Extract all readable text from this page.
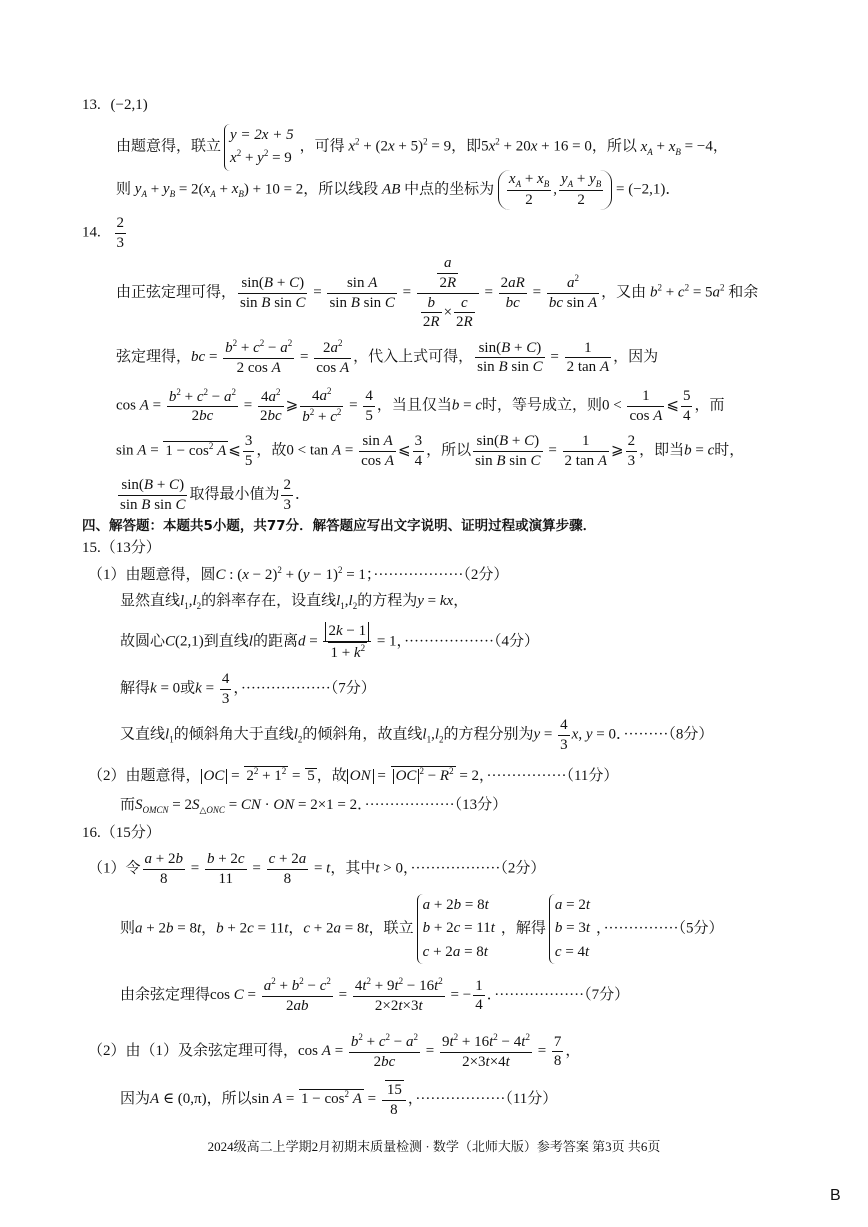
13. (−2,1)
由题意得，联立
y = 2x + 5
$x^2 + y^2 = 9$
，可得 $x^2 + (2x + 5)^2 = 9$，即$5x^2 + 20x + 16 = 0$，所以 $x_A + x_B = -4$，
则 $y_A + y_B = 2(x_A + x_B) + 10 = 2$，所以线段 AB 中点的坐标为 $\frac{x_A + x_B}{2}$ , $\frac{y_A + y_B}{2} = (-2,1)$．
14. $\frac{2}{3}$
由正弦定理可得， $\frac{\sin(B + C)}{\text{sin B sin C}} = \frac{\text{sin A}}{\text{sin B sin C}} = \frac{\frac{a}{2R}}{\frac{b}{2R} \times \frac{c}{2R}} = \frac{2aR}{bc} = \frac{a^2}{\text{bc sin A}}$ ，又由 $b^2 + c^2 = 5a^2$ 和余
弦定理得，bc = $\frac{b^2 + c^2 - a^2}{\text{2 cos A}} = \frac{2a^2}{\text{cos A}}$ ，代入上式可得， $\frac{\sin(B + C)}{\text{sin B sin C}} = \frac{1}{\text{2 tan A}}$ ，因为
$\cos A = \frac{b^2 + c^2 - a^2}{2bc} = \frac{4a^2}{2bc}$ ⩾ $\frac{4a^2}{b^2 + c^2} = \frac{4}{5}$ ，当且仅当b = c时，等号成立，则$0 < \frac{1}{\text{cos A}}$ ⩽ $\frac{5}{4}$ ，而
$\sin A = 1 - \cos^2 A$ ⩽ $\frac{3}{5}$ ，故$0 < \tan A = \frac{\text{sin A}}{\text{cos A}}$ ⩽ $\frac{3}{4}$ ，所以 $\frac{\sin(B + C)}{\text{sin B sin C}} = \frac{1}{\text{2 tan A}}$ ⩾ $\frac{2}{3}$ ，即当b = c时，
$\frac{\sin(B + C)}{\text{sin B sin C}}$ 取得最小值为 $\frac{2}{3}$ ．
四、解答题：本题共5小题，共77分．解答题应写出文字说明、证明过程或演算步骤．
15.（13分）
（1）由题意得，圆C : $(x - 2)^2 + (y - 1)^2 = 1$；··················（2分）
显然直线$l_1,l_2$的斜率存在，设直线$l_1,l_2$的方程为y = kx，
故圆心C(2,1)到直线l的距离$d = \frac{2k - 1}{1 + k^2} = 1$，··················（4分）
解得k = 0或$k = \frac{4}{3}$ ，··················（7分）
又直线$l_1$的倾斜角大于直线$l_2$的倾斜角，故直线$l_1,l_2$的方程分别为$y = \frac{4}{3} x$, y = 0．·········（8分）
（2）由题意得， OC = $2^2 + 1^2 = 5$ ，故 ON = OC $^2 - R^2 = 2$，················（11分）
而$S_{OMCN} = 2S_{\triangle ONC}$ = CN · ON = 2×1 = 2．··················（13分）
16.（15分）
（1）令 $\frac{a + 2b}{8} = \frac{b + 2c}{11} = \frac{c + 2a}{8} = t$，其中t > 0，··················（2分）
则a + 2b = 8t，b + 2c = 11t，c + 2a = 8t，联立
a + 2b = 8t
b + 2c = 11t
c + 2a = 8t
，解得
a = 2t
b = 3t
c = 4t
，···············（5分）
由余弦定理得$\cos C = \frac{a^2 + b^2 - c^2}{2ab} = \frac{4t^2 + 9t^2 - 16t^2}{2\times 2t\times 3t}$ = − $\frac{1}{4}$ ．··················（7分）
（2）由（1）及余弦定理可得，$\cos A = \frac{b^2 + c^2 - a^2}{2bc} = \frac{9t^2 + 16t^2 - 4t^2}{2\times 3t\times 4t} = \frac{7}{8}$ ，
因为A ∈ (0,π)，所以$\sin A = 1 - \cos^2 A = \frac{15}{8}$ ，··················（11分）
2024级高二上学期2月初期末质量检测 · 数学（北师大版）参考答案 第3页 共6页
B
